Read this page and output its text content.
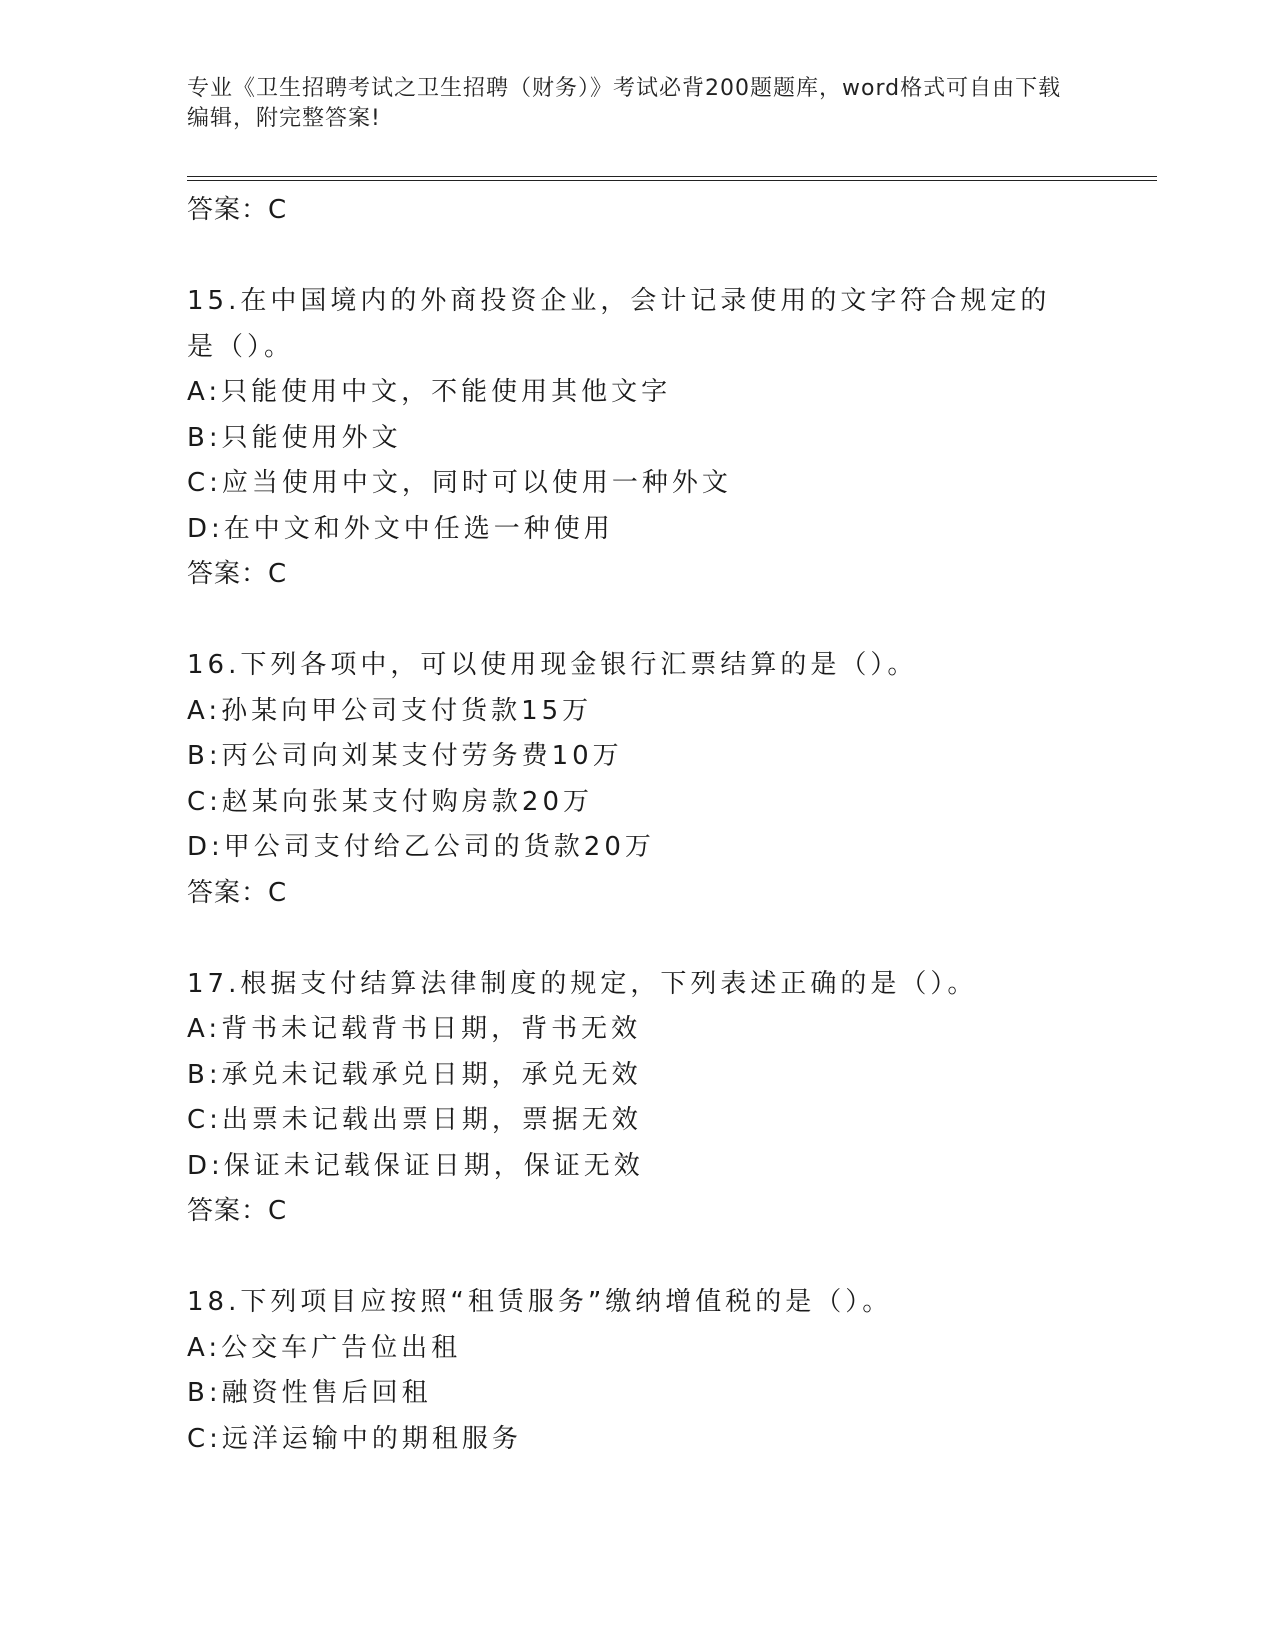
专业《卫生招聘考试之卫生招聘（财务）》考试必背200题题库，word格式可自由下载编辑，附完整答案!
答案：C
15.在中国境内的外商投资企业，会计记录使用的文字符合规定的是（）。
A:只能使用中文，不能使用其他文字
B:只能使用外文
C:应当使用中文，同时可以使用一种外文
D:在中文和外文中任选一种使用
答案：C
16.下列各项中，可以使用现金银行汇票结算的是（）。
A:孙某向甲公司支付货款15万
B:丙公司向刘某支付劳务费10万
C:赵某向张某支付购房款20万
D:甲公司支付给乙公司的货款20万
答案：C
17.根据支付结算法律制度的规定，下列表述正确的是（）。
A:背书未记载背书日期，背书无效
B:承兑未记载承兑日期，承兑无效
C:出票未记载出票日期，票据无效
D:保证未记载保证日期，保证无效
答案：C
18.下列项目应按照“租赁服务”缴纳增值税的是（）。
A:公交车广告位出租
B:融资性售后回租
C:远洋运输中的期租服务
